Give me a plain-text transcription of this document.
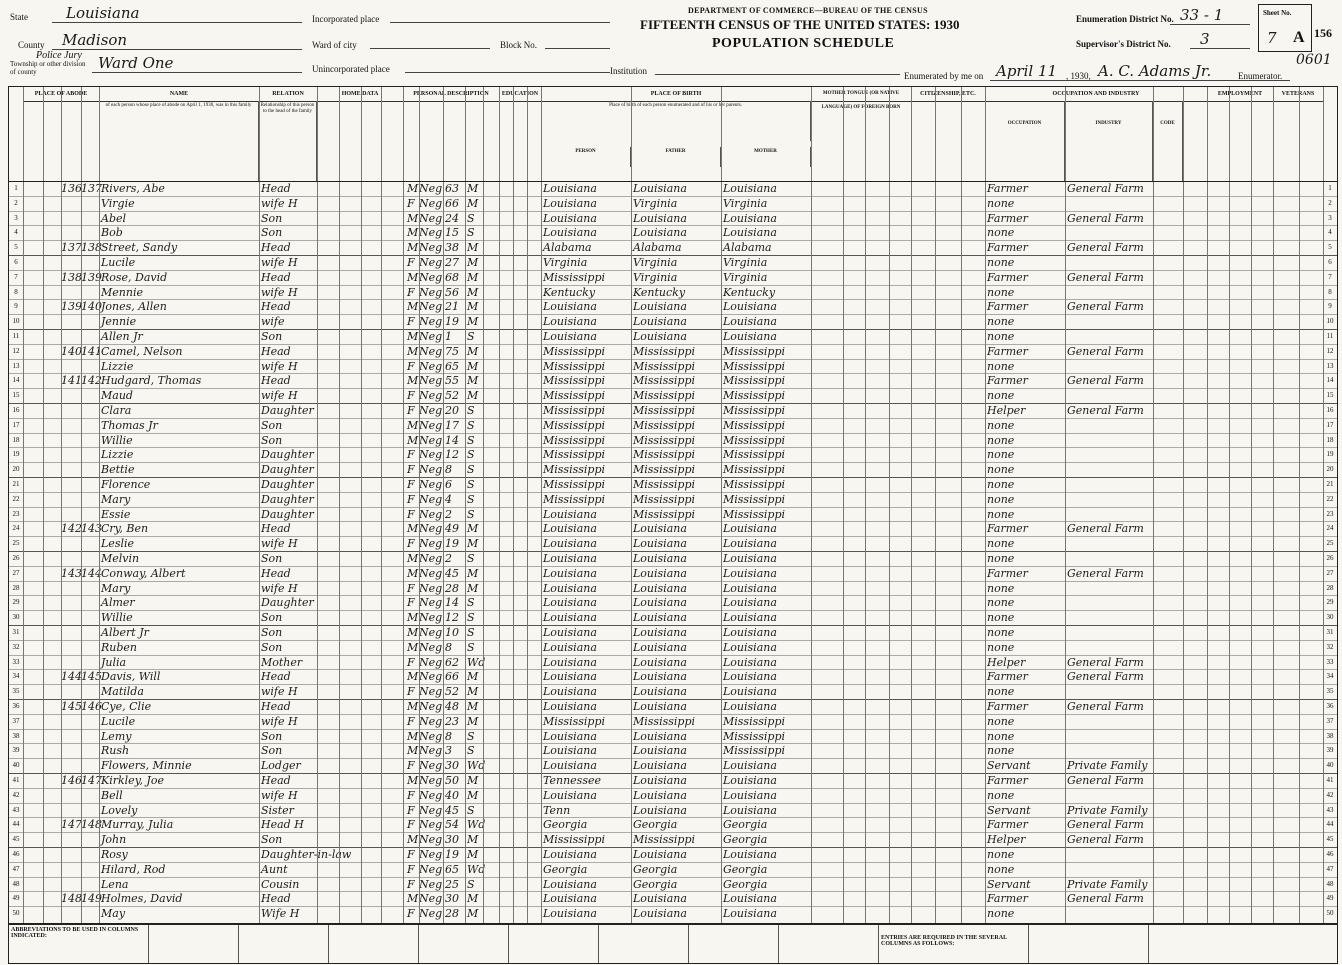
State	Louisiana
County Madison
Police Jury
Township or other division of county	Ward One
Incorporated place
Ward of city	Block No.
Unincorporated place	Institution
DEPARTMENT OF COMMERCE—BUREAU OF THE CENSUS
FIFTEENTH CENSUS OF THE UNITED STATES: 1930
POPULATION SCHEDULE
Enumeration District No. 33 - 1
Supervisor's District No. 3
Sheet No.
7 A 156
0601
Enumerated by me on April 11 , 1930, A. C. Adams Jr.	Enumerator.
PLACE OF ABODE	NAME	RELATION	HOME DATA	PERSONAL DESCRIPTION	EDUCATION	PLACE OF BIRTH	MOTHER TONGUE (OR NATIVE LANGUAGE) OF FOREIGN BORN
CITIZENSHIP, ETC.	OCCUPATION AND INDUSTRY	EMPLOYMENT	VETERANS
of each person whose place of abode on April 1, 1930, was in this family	Relationship of this person to the head of the family
Place of birth of each person enumerated and of his or her parents.
PERSON	FATHER	MOTHER
OCCUPATION	INDUSTRY	CODE
1	136 137 Rivers, Abe	Head	M Neg 63 M	Louisiana	Louisiana	Louisiana	Farmer	General Farm	1
2	Virgie	wife H	F Neg 66 M	Louisiana	Virginia	Virginia	none	2
3	Abel	Son	M Neg 24 S	Louisiana	Louisiana	Louisiana	Farmer	General Farm	3
4	Bob	Son	M Neg 15 S	Louisiana	Louisiana	Louisiana	none	4
5	137 138 Street, Sandy	Head	M Neg 38 M	Alabama	Alabama	Alabama	Farmer	General Farm	5
6	Lucile	wife H	F Neg 27 M	Virginia	Virginia	Virginia	none	6
7	138 139 Rose, David	Head	M Neg 68 M	Mississippi	Virginia	Virginia	Farmer	General Farm	7
8	Mennie	wife H	F Neg 56 M	Kentucky	Kentucky	Kentucky	none	8
9	139 140 Jones, Allen	Head	M Neg 21 M	Louisiana	Louisiana	Louisiana	Farmer	General Farm	9
10	Jennie	wife	F Neg 19 M	Louisiana	Louisiana	Louisiana	none	10
11	Allen Jr	Son	M Neg 1	S	Louisiana	Louisiana	Louisiana	none	11
12	140 141 Camel, Nelson	Head	M Neg 75 M	Mississippi	Mississippi	Mississippi	Farmer	General Farm	12
13	Lizzie	wife H	F Neg 65 M	Mississippi	Mississippi	Mississippi	none	13
14	141 142 Hudgard, Thomas	Head	M Neg 55 M	Mississippi	Mississippi	Mississippi	Farmer	General Farm	14
15	Maud	wife H	F Neg 52 M	Mississippi	Mississippi	Mississippi	none	15
16	Clara	Daughter	F Neg 20 S	Mississippi	Mississippi	Mississippi	Helper	General Farm	16
17	Thomas Jr	Son	M Neg 17 S	Mississippi	Mississippi	Mississippi	none	17
18	Willie	Son	M Neg 14 S	Mississippi	Mississippi	Mississippi	none	18
19	Lizzie	Daughter	F Neg 12 S	Mississippi	Mississippi	Mississippi	none	19
20	Bettie	Daughter	F Neg 8	S	Mississippi	Mississippi	Mississippi	none	20
21	Florence	Daughter	F Neg 6	S	Mississippi	Mississippi	Mississippi	none	21
22	Mary	Daughter	F Neg 4	S	Mississippi	Mississippi	Mississippi	none	22
23	Essie	Daughter	F Neg 2	S	Louisiana	Mississippi	Mississippi	none	23
24	142 143 Cry, Ben	Head	M Neg 49 M	Louisiana	Louisiana	Louisiana	Farmer	General Farm	24
25	Leslie	wife H	F Neg 19 M	Louisiana	Louisiana	Louisiana	none	25
26	Melvin	Son	M Neg 2	S	Louisiana	Louisiana	Louisiana	none	26
27	143 144 Conway, Albert	Head	M Neg 45 M	Louisiana	Louisiana	Louisiana	Farmer	General Farm	27
28	Mary	wife H	F Neg 28 M	Louisiana	Louisiana	Louisiana	none	28
29	Almer	Daughter	F Neg 14 S	Louisiana	Louisiana	Louisiana	none	29
30	Willie	Son	M Neg 12 S	Louisiana	Louisiana	Louisiana	none	30
31	Albert Jr	Son	M Neg 10 S	Louisiana	Louisiana	Louisiana	none	31
32	Ruben	Son	M Neg 8	S	Louisiana	Louisiana	Louisiana	none	32
33	Julia	Mother	F Neg 62 Wd	Louisiana	Louisiana	Louisiana	Helper	General Farm	33
34	144 145 Davis, Will	Head	M Neg 66 M	Louisiana	Louisiana	Louisiana	Farmer	General Farm	34
35	Matilda	wife H	F Neg 52 M	Louisiana	Louisiana	Louisiana	none	35
36	145 146 Cye, Clie	Head	M Neg 48 M	Louisiana	Louisiana	Louisiana	Farmer	General Farm	36
37	Lucile	wife H	F Neg 23 M	Mississippi	Mississippi	Mississippi	none	37
38	Lemy	Son	M Neg 8	S	Louisiana	Louisiana	Mississippi	none	38
39	Rush	Son	M Neg 3	S	Louisiana	Louisiana	Mississippi	none	39
40	Flowers, Minnie	Lodger	F Neg 30 Wd	Louisiana	Louisiana	Louisiana	Servant	Private Family	40
41	146 147 Kirkley, Joe	Head	M Neg 50 M	Tennessee	Louisiana	Louisiana	Farmer	General Farm	41
42	Bell	wife H	F Neg 40 M	Louisiana	Louisiana	Louisiana	none	42
43	Lovely	Sister	F Neg 45 S	Tenn	Louisiana	Louisiana	Servant	Private Family	43
44	147 148 Murray, Julia	Head H	F Neg 54 Wd	Georgia	Georgia	Georgia	Farmer	General Farm	44
45	John	Son	M Neg 30 M	Mississippi	Mississippi	Georgia	Helper	General Farm	45
46	Rosy	Daughter-in-law	F Neg 19 M	Louisiana	Louisiana	Louisiana	none	46
47	Hilard, Rod	Aunt	F Neg 65 Wd	Georgia	Georgia	Georgia	none	47
48	Lena	Cousin	F Neg 25 S	Louisiana	Georgia	Georgia	Servant	Private Family	48
49	148 149 Holmes, David	Head	M Neg 30 M	Louisiana	Louisiana	Louisiana	Farmer	General Farm	49
50	May	Wife H	F Neg 28 M	Louisiana	Louisiana	Louisiana	none	50
ABBREVIATIONS TO BE USED IN COLUMNS INDICATED:	ENTRIES ARE REQUIRED IN THE SEVERAL COLUMNS AS FOLLOWS:
